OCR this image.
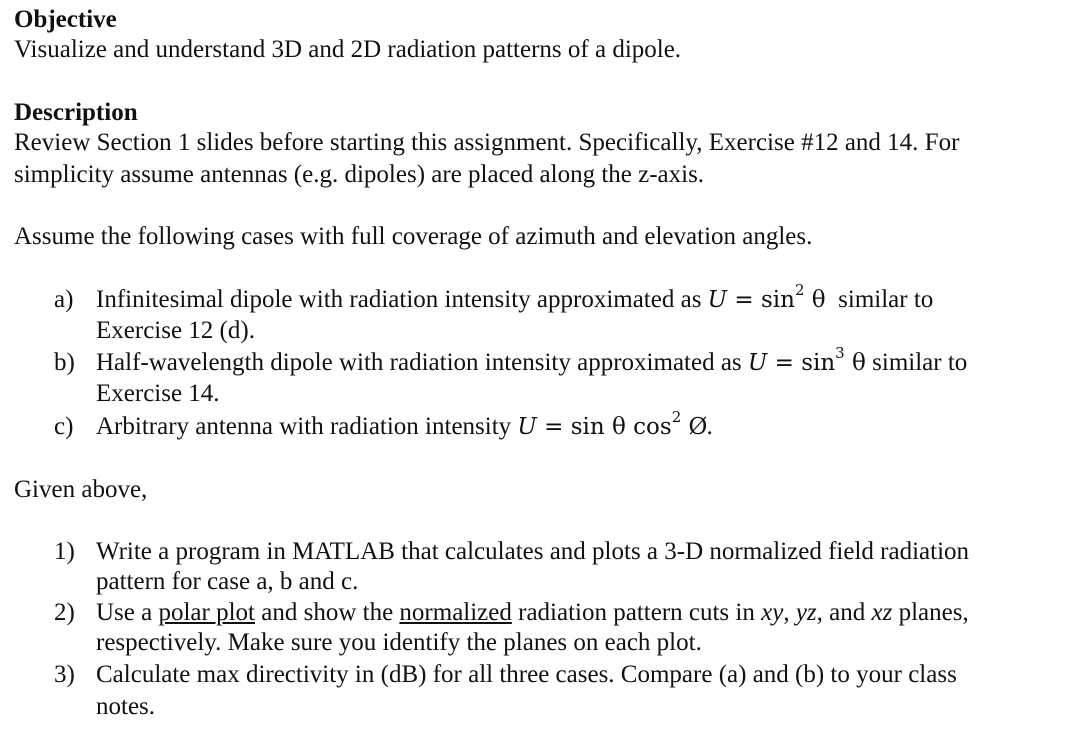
Objective
Visualize and understand 3D and 2D radiation patterns of a dipole.
Description
Review Section 1 slides before starting this assignment. Specifically, Exercise #12 and 14. For
simplicity assume antennas (e.g. dipoles) are placed along the z-axis.
Assume the following cases with full coverage of azimuth and elevation angles.
a) Infinitesimal dipole with radiation intensity approximated as $U = \sin^2 \theta$  similar to
Exercise 12 (d).
b) Half-wavelength dipole with radiation intensity approximated as $U = \sin^3 \theta$ similar to
Exercise 14.
c) Arbitrary antenna with radiation intensity U = sin θ $\cos^2$ Ø.
Given above,
1) Write a program in MATLAB that calculates and plots a 3-D normalized field radiation
pattern for case a, b and c.
2) Use a polar plot and show the normalized radiation pattern cuts in xy, yz, and xz planes,
respectively. Make sure you identify the planes on each plot.
3) Calculate max directivity in (dB) for all three cases. Compare (a) and (b) to your class
notes.
